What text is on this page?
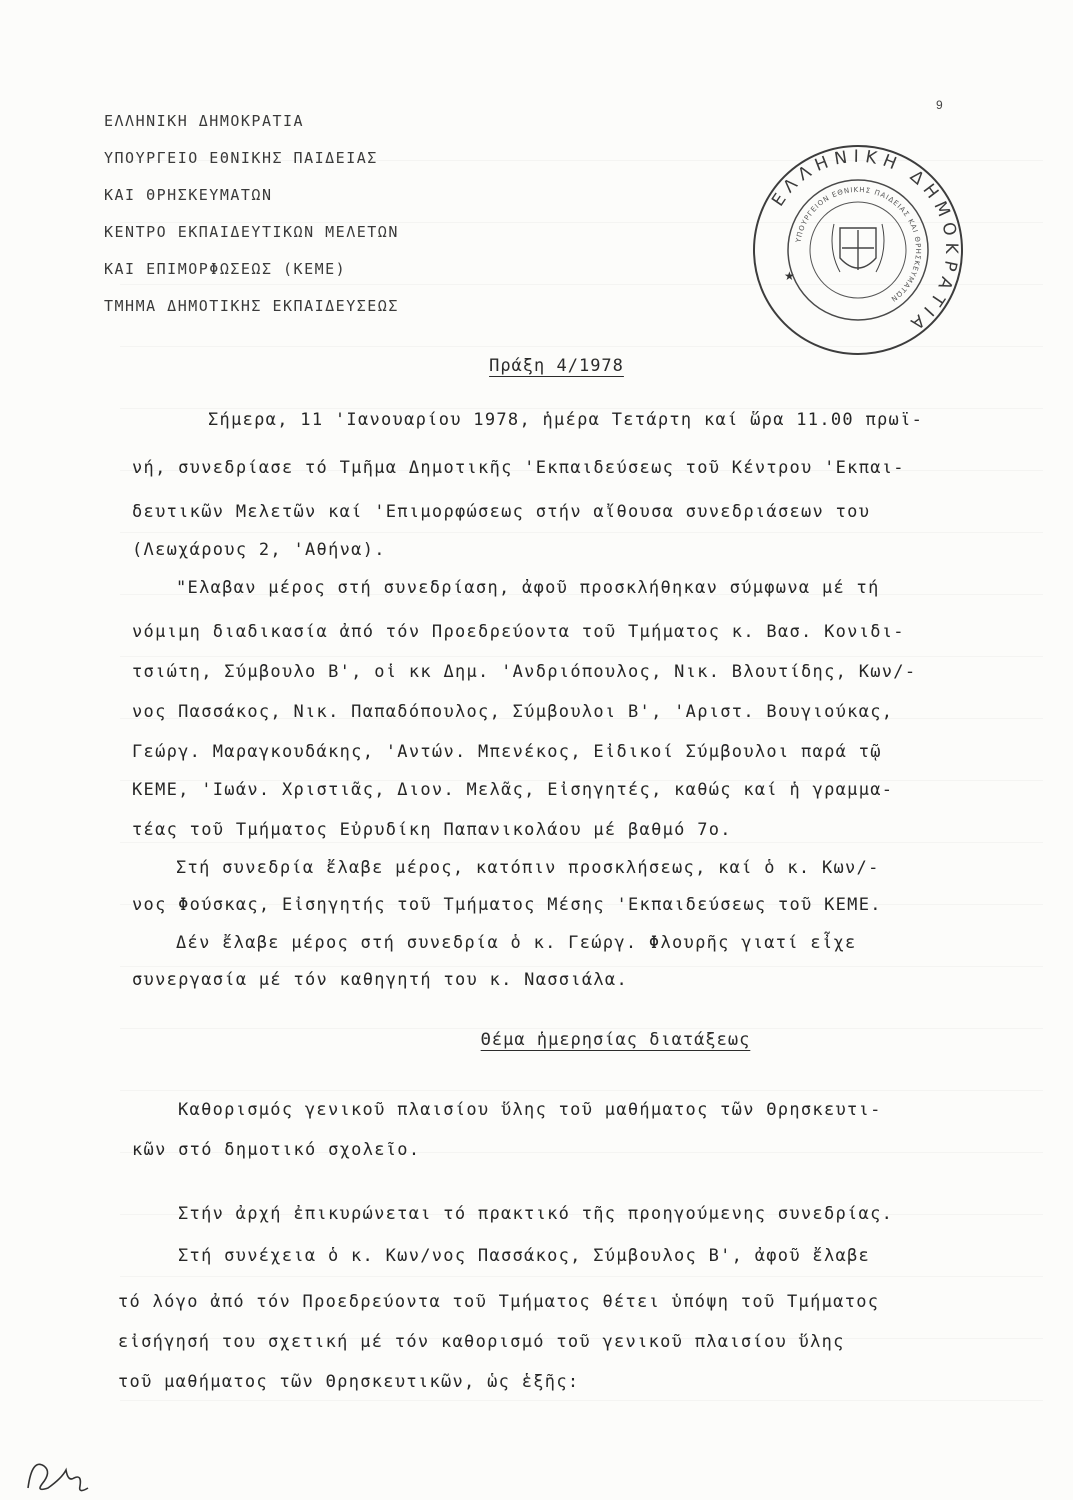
9
ΕΛΛΗΝΙΚΗ ΔΗΜΟΚΡΑΤΙΑ
ΥΠΟΥΡΓΕΙΟ ΕΘΝΙΚΗΣ ΠΑΙΔΕΙΑΣ
ΚΑΙ ΘΡΗΣΚΕΥΜΑΤΩΝ
ΚΕΝΤΡΟ ΕΚΠΑΙΔΕΥΤΙΚΩΝ ΜΕΛΕΤΩΝ
ΚΑΙ ΕΠΙΜΟΡΦΩΣΕΩΣ (ΚΕΜΕ)
ΤΜΗΜΑ ΔΗΜΟΤΙΚΗΣ ΕΚΠΑΙΔΕΥΣΕΩΣ
ΕΛΛΗΝΙΚΗ ΔΗΜΟΚΡΑΤΙΑ
ΥΠΟΥΡΓΕΙΟΝ ΕΘΝΙΚΗΣ ΠΑΙΔΕΙΑΣ ΚΑΙ ΘΡΗΣΚΕΥΜΑΤΩΝ
★
Πράξη 4/1978
Σήμερα, 11 'Ιανουαρίου 1978, ἡμέρα Τετάρτη καί ὥρα 11.00 πρωϊ-
νή, συνεδρίασε τό Τμῆμα Δημοτικῆς 'Εκπαιδεύσεως τοῦ Κέντρου 'Εκπαι-
δευτικῶν Μελετῶν καί 'Επιμορφώσεως στήν αἴθουσα συνεδριάσεων του
(Λεωχάρους 2, 'Αθήνα).
"Ελαβαν μέρος στή συνεδρίαση, ἀφοῦ προσκλήθηκαν σύμφωνα μέ τή
νόμιμη διαδικασία ἀπό τόν Προεδρεύοντα τοῦ Τμήματος κ. Βασ. Κονιδι-
τσιώτη, Σύμβουλο Β', οἱ κκ Δημ. 'Ανδριόπουλος, Νικ. Βλουτίδης, Κων/-
νος Πασσάκος, Νικ. Παπαδόπουλος, Σύμβουλοι Β', 'Αριστ. Βουγιούκας,
Γεώργ. Μαραγκουδάκης, 'Αντών. Μπενέκος, Εἰδικοί Σύμβουλοι παρά τῷ
ΚΕΜΕ, 'Ιωάν. Χριστιᾶς, Διον. Μελᾶς, Εἰσηγητές, καθώς καί ἡ γραμμα-
τέας τοῦ Τμήματος Εὐρυδίκη Παπανικολάου μέ βαθμό 7ο.
Στή συνεδρία ἔλαβε μέρος, κατόπιν προσκλήσεως, καί ὁ κ. Κων/-
νος Φούσκας, Εἰσηγητής τοῦ Τμήματος Μέσης 'Εκπαιδεύσεως τοῦ ΚΕΜΕ.
Δέν ἔλαβε μέρος στή συνεδρία ὁ κ. Γεώργ. Φλουρῆς γιατί εἶχε
συνεργασία μέ τόν καθηγητή του κ. Νασσιάλα.
Θέμα ἡμερησίας διατάξεως
Καθορισμός γενικοῦ πλαισίου ὕλης τοῦ μαθήματος τῶν Θρησκευτι-
κῶν στό δημοτικό σχολεῖο.
Στήν ἀρχή ἐπικυρώνεται τό πρακτικό τῆς προηγούμενης συνεδρίας.
Στή συνέχεια ὁ κ. Κων/νος Πασσάκος, Σύμβουλος Β', ἀφοῦ ἔλαβε
τό λόγο ἀπό τόν Προεδρεύοντα τοῦ Τμήματος θέτει ὑπόψη τοῦ Τμήματος
εἰσήγησή του σχετική μέ τόν καθορισμό τοῦ γενικοῦ πλαισίου ὕλης
τοῦ μαθήματος τῶν Θρησκευτικῶν, ὡς ἑξῆς:
